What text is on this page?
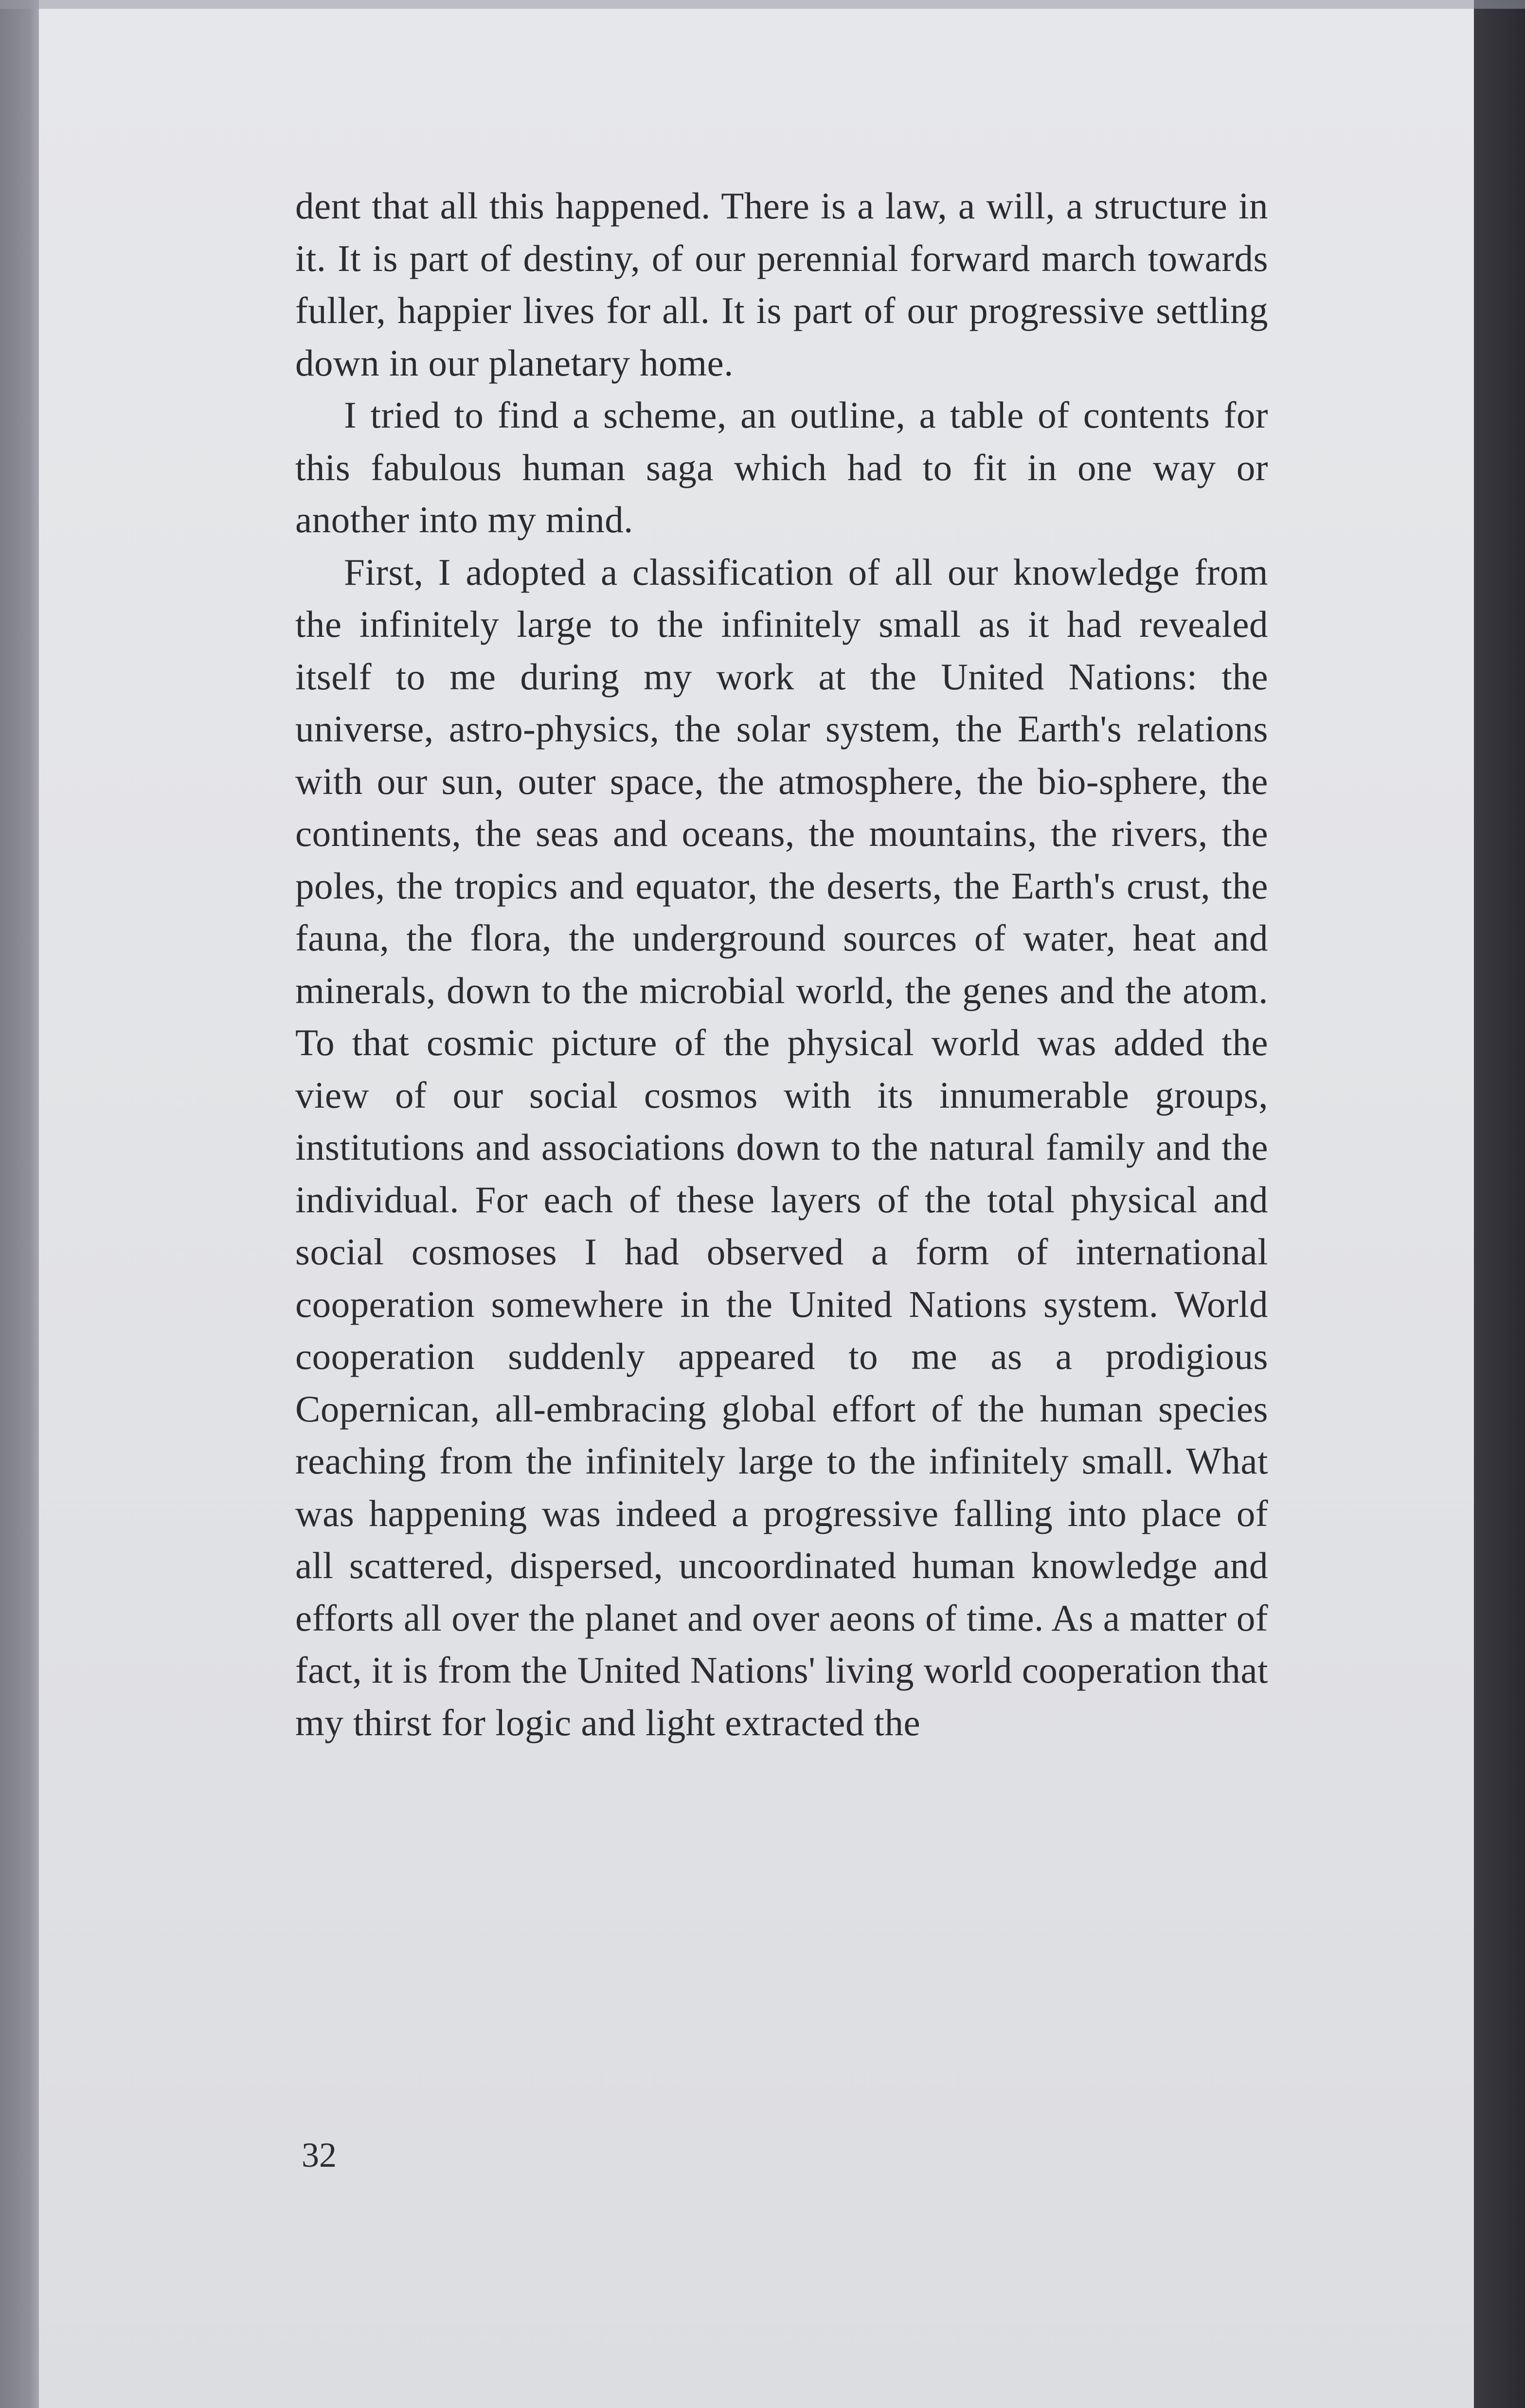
dent that all this happened. There is a law, a will, a structure in it. It is part of destiny, of our perennial forward march towards fuller, happier lives for all. It is part of our progressive settling down in our planetary home.

I tried to find a scheme, an outline, a table of contents for this fabulous human saga which had to fit in one way or another into my mind.

First, I adopted a classification of all our knowledge from the infinitely large to the infinitely small as it had revealed itself to me during my work at the United Nations: the universe, astro-physics, the solar system, the Earth's relations with our sun, outer space, the atmosphere, the bio-sphere, the continents, the seas and oceans, the mountains, the rivers, the poles, the tropics and equator, the deserts, the Earth's crust, the fauna, the flora, the underground sources of water, heat and minerals, down to the microbial world, the genes and the atom. To that cosmic picture of the physical world was added the view of our social cosmos with its innumerable groups, institutions and associations down to the natural family and the individual. For each of these layers of the total physical and social cosmoses I had observed a form of international cooperation somewhere in the United Nations system. World cooperation suddenly appeared to me as a prodigious Copernican, all-embracing global effort of the human species reaching from the infinitely large to the infinitely small. What was happening was indeed a progressive falling into place of all scattered, dispersed, uncoordinated human knowledge and efforts all over the planet and over aeons of time. As a matter of fact, it is from the United Nations' living world cooperation that my thirst for logic and light extracted the

32
